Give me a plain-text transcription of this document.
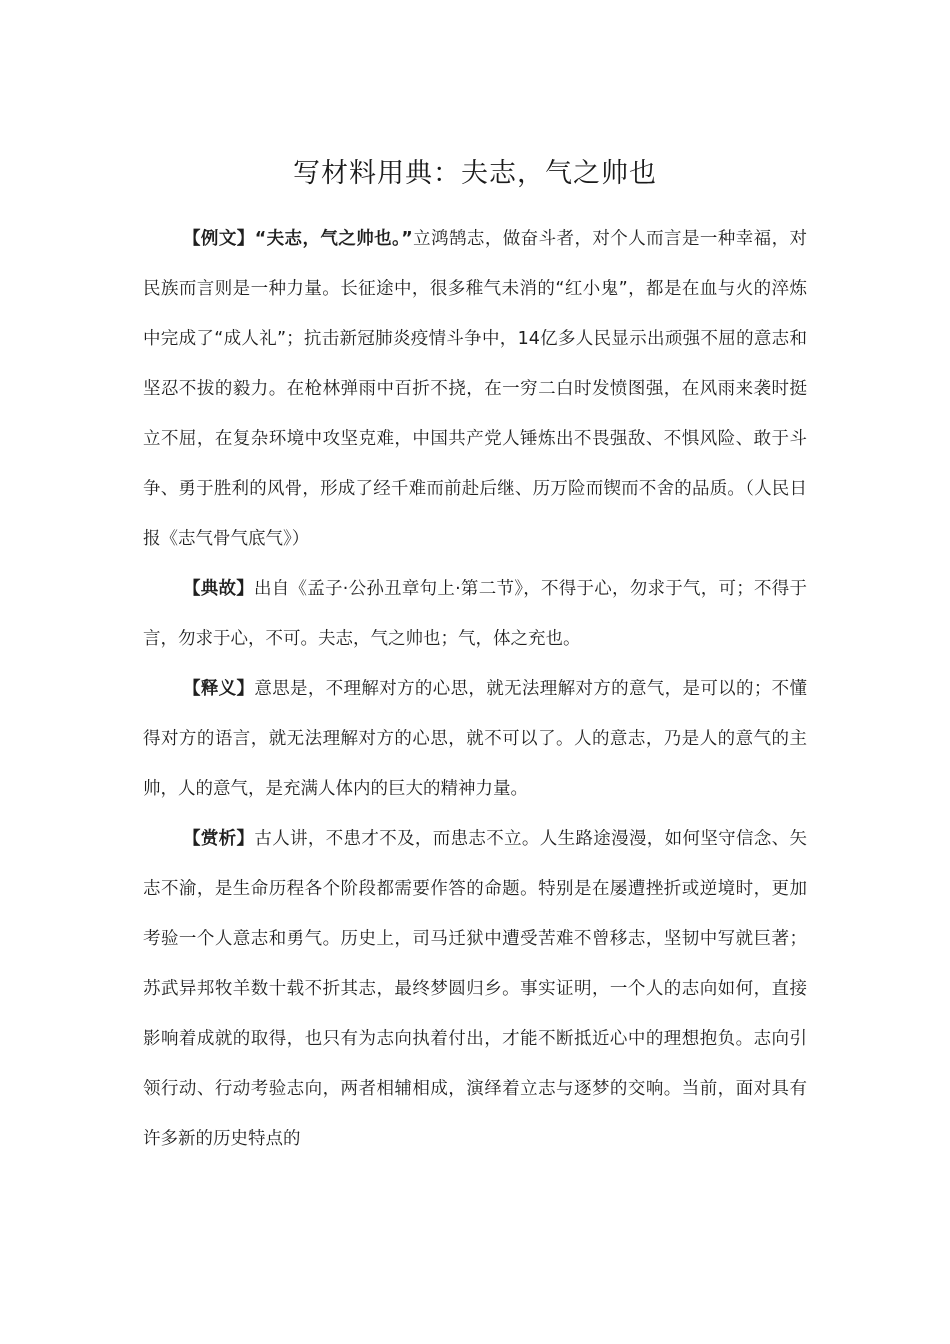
写材料用典：夫志，气之帅也

【例文】“夫志，气之帅也。”立鸿鹄志，做奋斗者，对个人而言是一种幸福，对民族而言则是一种力量。长征途中，很多稚气未消的“红小鬼”，都是在血与火的淬炼中完成了“成人礼”；抗击新冠肺炎疫情斗争中，14亿多人民显示出顽强不屈的意志和坚忍不拔的毅力。在枪林弹雨中百折不挠，在一穷二白时发愤图强，在风雨来袭时挺立不屈，在复杂环境中攻坚克难，中国共产党人锤炼出不畏强敌、不惧风险、敢于斗争、勇于胜利的风骨，形成了经千难而前赴后继、历万险而锲而不舍的品质。（人民日报《志气骨气底气》）

【典故】出自《孟子·公孙丑章句上·第二节》，不得于心，勿求于气，可；不得于言，勿求于心，不可。夫志，气之帅也；气，体之充也。

【释义】意思是，不理解对方的心思，就无法理解对方的意气，是可以的；不懂得对方的语言，就无法理解对方的心思，就不可以了。人的意志，乃是人的意气的主帅，人的意气，是充满人体内的巨大的精神力量。

【赏析】古人讲，不患才不及，而患志不立。人生路途漫漫，如何坚守信念、矢志不渝，是生命历程各个阶段都需要作答的命题。特别是在屡遭挫折或逆境时，更加考验一个人意志和勇气。历史上，司马迁狱中遭受苦难不曾移志，坚韧中写就巨著；苏武异邦牧羊数十载不折其志，最终梦圆归乡。事实证明，一个人的志向如何，直接影响着成就的取得，也只有为志向执着付出，才能不断抵近心中的理想抱负。志向引领行动、行动考验志向，两者相辅相成，演绎着立志与逐梦的交响。当前，面对具有许多新的历史特点的
